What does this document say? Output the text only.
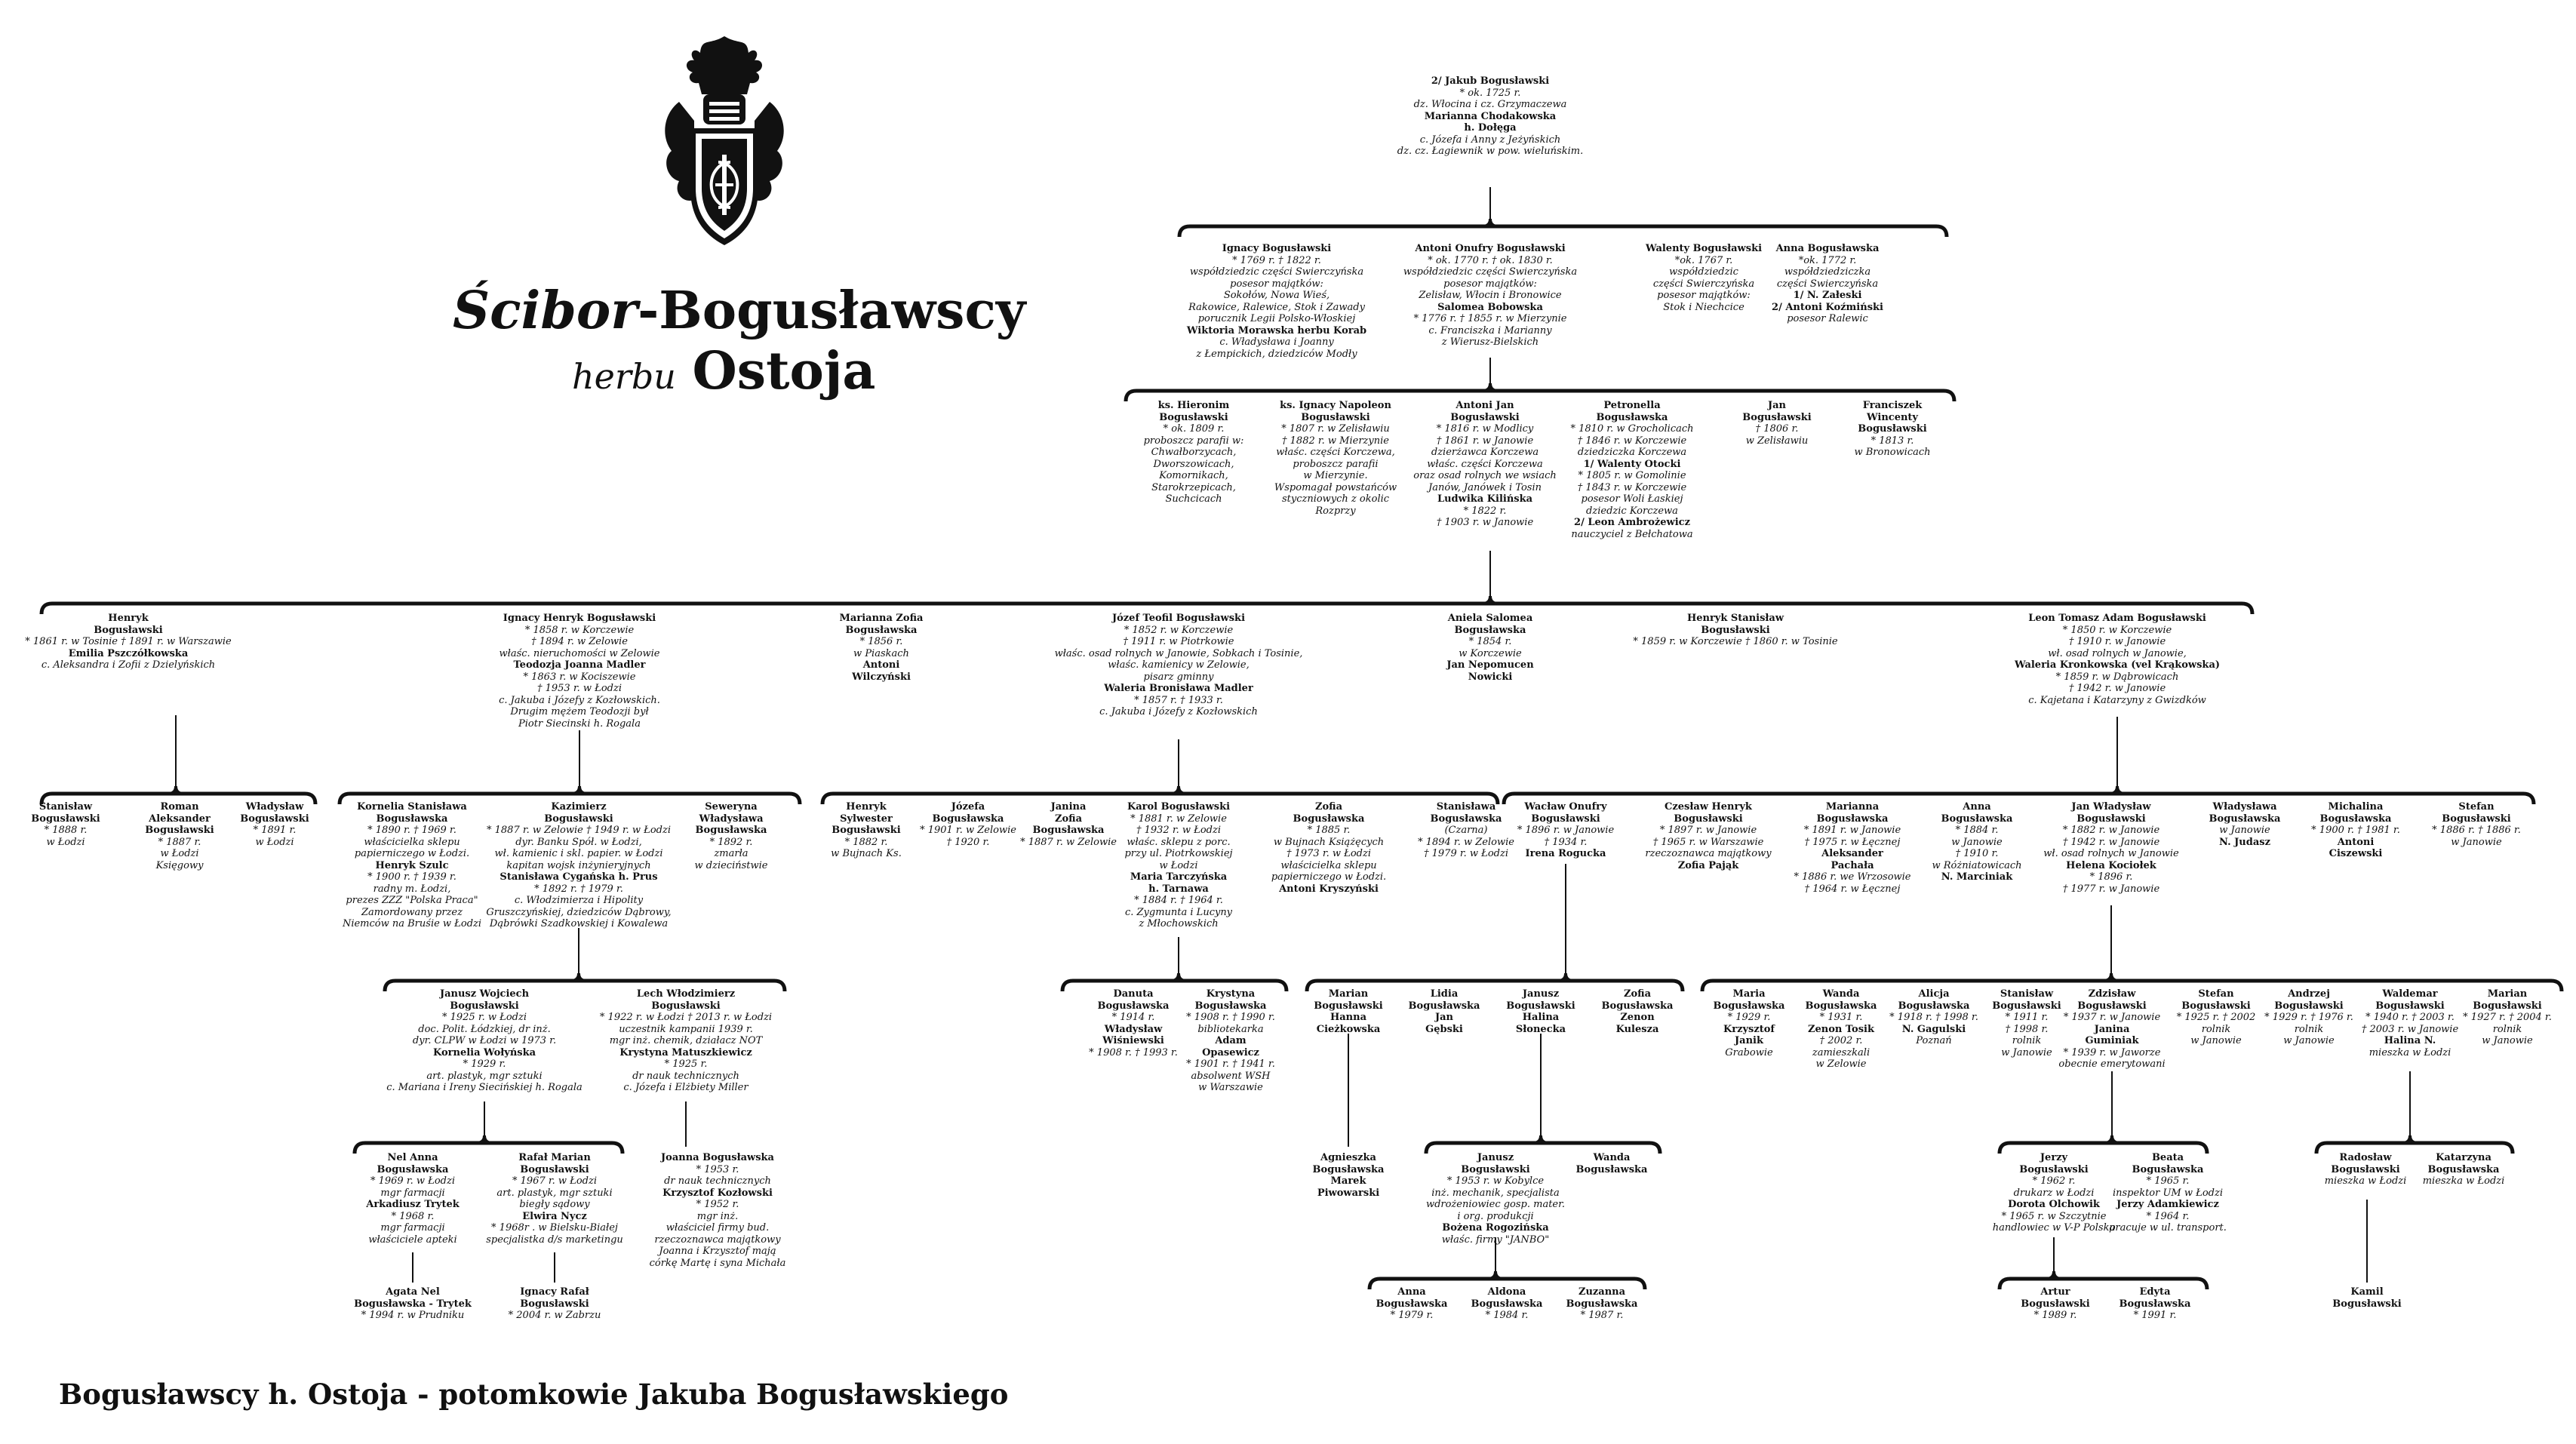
Ścibor-Bogusławscy
herbu Ostoja
2/ Jakub Bogusławski
* ok. 1725 r.
dz. Włocina i cz. Grzymaczewa
Marianna Chodakowska
h. Dołęga
c. Józefa i Anny z Jeżyńskich
dz. cz. Łagiewnik w pow. wieluńskim.
Ignacy Bogusławski
* 1769 r. † 1822 r.
współdziedzic części Swierczyńska
posesor majątków:
Sokołów, Nowa Wieś,
Rakowice, Ralewice, Stok i Zawady
porucznik Legii Polsko-Włoskiej
Wiktoria Morawska herbu Korab
c. Władysława i Joanny
z Łempickich, dziedziców Modły
Antoni Onufry Bogusławski
* ok. 1770 r. † ok. 1830 r.
współdziedzic części Swierczyńska
posesor majątków:
Zelisław, Włocin i Bronowice
Salomea Bobowska
* 1776 r. † 1855 r. w Mierzynie
c. Franciszka i Marianny
z Wierusz-Bielskich
Walenty Bogusławski
*ok. 1767 r.
współdziedzic
części Swierczyńska
posesor majątków:
Stok i Niechcice
Anna Bogusławska
*ok. 1772 r.
współdziedziczka
części Swierczyńska
1/ N. Załeski
2/ Antoni Koźmiński
posesor Ralewic
ks. Hieronim
Bogusławski
* ok. 1809 r.
proboszcz parafii w:
Chwałborzycach,
Dworszowicach,
Komornikach,
Starokrzepicach,
Suchcicach
ks. Ignacy Napoleon
Bogusławski
* 1807 r. w Zelisławiu
† 1882 r. w Mierzynie
właśc. części Korczewa,
proboszcz parafii
w Mierzynie.
Wspomagał powstańców
styczniowych z okolic
Rozprzy
Antoni Jan
Bogusławski
* 1816 r. w Modlicy
† 1861 r. w Janowie
dzierżawca Korczewa
właśc. części Korczewa
oraz osad rolnych we wsiach
Janów, Janówek i Tosin
Ludwika Kilińska
* 1822 r.
† 1903 r. w Janowie
Petronella
Bogusławska
* 1810 r. w Grocholicach
† 1846 r. w Korczewie
dziedziczka Korczewa
1/ Walenty Otocki
* 1805 r. w Gomolinie
† 1843 r. w Korczewie
posesor Woli Łaskiej
dziedzic Korczewa
2/ Leon Ambrożewicz
nauczyciel z Bełchatowa
Jan
Bogusławski
† 1806 r.
w Zelisławiu
Franciszek
Wincenty
Bogusławski
* 1813 r.
w Bronowicach
Henryk
Bogusławski
* 1861 r. w Tosinie † 1891 r. w Warszawie
Emilia Pszczółkowska
c. Aleksandra i Zofii z Dzielyńskich
Ignacy Henryk Bogusławski
* 1858 r. w Korczewie
† 1894 r. w Zelowie
właśc. nieruchomości w Zelowie
Teodozja Joanna Madler
* 1863 r. w Kociszewie
† 1953 r. w Łodzi
c. Jakuba i Józefy z Kozłowskich.
Drugim mężem Teodozji był
Piotr Siecinski h. Rogala
Marianna Zofia
Bogusławska
* 1856 r.
w Piaskach
Antoni
Wilczyński
Józef Teofil Bogusławski
* 1852 r. w Korczewie
† 1911 r. w Piotrkowie
właśc. osad rolnych w Janowie, Sobkach i Tosinie,
właśc. kamienicy w Zelowie,
pisarz gminny
Waleria Bronisława Madler
* 1857 r. † 1933 r.
c. Jakuba i Józefy z Kozłowskich
Aniela Salomea
Bogusławska
* 1854 r.
w Korczewie
Jan Nepomucen
Nowicki
Henryk Stanisław
Bogusławski
* 1859 r. w Korczewie † 1860 r. w Tosinie
Leon Tomasz Adam Bogusławski
* 1850 r. w Korczewie
† 1910 r. w Janowie
wł. osad rolnych w Janowie,
Waleria Kronkowska (vel Krąkowska)
* 1859 r. w Dąbrowicach
† 1942 r. w Janowie
c. Kajetana i Katarzyny z Gwizdków
Stanisław
Bogusławski
* 1888 r.
w Łodzi
Roman
Aleksander
Bogusławski
* 1887 r.
w Łodzi
Księgowy
Władysław
Bogusławski
* 1891 r.
w Łodzi
Kornelia Stanisława
Bogusławska
* 1890 r. † 1969 r.
właścicielka sklepu
papierniczego w Łodzi.
Henryk Szulc
* 1900 r. † 1939 r.
radny m. Łodzi,
prezes ZZZ "Polska Praca"
Zamordowany przez
Niemców na Bruśie w Łodzi
Kazimierz
Bogusławski
* 1887 r. w Zelowie † 1949 r. w Łodzi
dyr. Banku Spół. w Łodzi,
wł. kamienic i skl. papier. w Łodzi
kapitan wojsk inżynieryjnych
Stanisława Cygańska h. Prus
* 1892 r. † 1979 r.
c. Włodzimierza i Hipolity
Gruszczyńskiej, dziedziców Dąbrowy,
Dąbrówki Szadkowskiej i Kowalewa
Seweryna
Władysława
Bogusławska
* 1892 r.
zmarła
w dzieciństwie
Henryk
Sylwester
Bogusławski
* 1882 r.
w Bujnach Ks.
Józefa
Bogusławska
* 1901 r. w Zelowie
† 1920 r.
Janina
Zofia
Bogusławska
* 1887 r. w Zelowie
Karol Bogusławski
* 1881 r. w Zelowie
† 1932 r. w Łodzi
właśc. sklepu z porc.
przy ul. Piotrkowskiej
w Łodzi
Maria Tarczyńska
h. Tarnawa
* 1884 r. † 1964 r.
c. Zygmunta i Lucyny
z Młochowskich
Zofia
Bogusławska
* 1885 r.
w Bujnach Książęcych
† 1973 r. w Łodzi
właścicielka sklepu
papierniczego w Łodzi.
Antoni Kryszyński
Stanisława
Bogusławska
(Czarna)
* 1894 r. w Zelowie
† 1979 r. w Łodzi
Wacław Onufry
Bogusławski
* 1896 r. w Janowie
† 1934 r.
Irena Rogucka
Czesław Henryk
Bogusławski
* 1897 r. w Janowie
† 1965 r. w Warszawie
rzeczoznawca majątkowy
Zofia Pająk
Marianna
Bogusławska
* 1891 r. w Janowie
† 1975 r. w Łęcznej
Aleksander
Pachała
* 1886 r. we Wrzosowie
† 1964 r. w Łęcznej
Anna
Bogusławska
* 1884 r.
w Janowie
† 1910 r.
w Różniatowicach
N. Marciniak
Jan Władysław
Bogusławski
* 1882 r. w Janowie
† 1942 r. w Janowie
wł. osad rolnych w Janowie
Helena Kociołek
* 1896 r.
† 1977 r. w Janowie
Władysława
Bogusławska
w Janowie
N. Judasz
Michalina
Bogusławska
* 1900 r. † 1981 r.
Antoni
Ciszewski
Stefan
Bogusławski
* 1886 r. † 1886 r.
w Janowie
Janusz Wojciech
Bogusławski
* 1925 r. w Łodzi
doc. Polit. Łódzkiej, dr inż.
dyr. CLPW w Łodzi w 1973 r.
Kornelia Wołyńska
* 1929 r.
art. plastyk, mgr sztuki
c. Mariana i Ireny Siecińskiej h. Rogala
Lech Włodzimierz
Bogusławski
* 1922 r. w Łodzi † 2013 r. w Łodzi
uczestnik kampanii 1939 r.
mgr inż. chemik, działacz NOT
Krystyna Matuszkiewicz
* 1925 r.
dr nauk technicznych
c. Józefa i Elżbiety Miller
Danuta
Bogusławska
* 1914 r.
Władysław
Wiśniewski
* 1908 r. † 1993 r.
Krystyna
Bogusławska
* 1908 r. † 1990 r.
bibliotekarka
Adam
Opasewicz
* 1901 r. † 1941 r.
absolwent WSH
w Warszawie
Marian
Bogusławski
Hanna
Cieżkowska
Lidia
Bogusławska
Jan
Gębski
Janusz
Bogusławski
Halina
Słonecka
Zofia
Bogusławska
Zenon
Kulesza
Maria
Bogusławska
* 1929 r.
Krzysztof
Janik
Grabowie
Wanda
Bogusławska
* 1931 r.
Zenon Tosik
† 2002 r.
zamieszkali
w Zelowie
Alicja
Bogusławska
* 1918 r. † 1998 r.
N. Gagulski
Poznań
Stanisław
Bogusławski
* 1911 r.
† 1998 r.
rolnik
w Janowie
Zdzisław
Bogusławski
* 1937 r. w Janowie
Janina
Guminiak
* 1939 r. w Jaworze
obecnie emerytowani
Stefan
Bogusławski
* 1925 r. † 2002
rolnik
w Janowie
Andrzej
Bogusławski
* 1929 r. † 1976 r.
rolnik
w Janowie
Waldemar
Bogusławski
* 1940 r. † 2003 r.
† 2003 r. w Janowie
Halina N.
mieszka w Łodzi
Marian
Bogusławski
* 1927 r. † 2004 r.
rolnik
w Janowie
Nel Anna
Bogusławska
* 1969 r. w Łodzi
mgr farmacji
Arkadiusz Trytek
* 1968 r.
mgr farmacji
właściciele apteki
Rafał Marian
Bogusławski
* 1967 r. w Łodzi
art. plastyk, mgr sztuki
biegły sądowy
Elwira Nycz
* 1968r . w Bielsku-Białej
specjalistka d/s marketingu
Joanna Bogusławska
* 1953 r.
dr nauk technicznych
Krzysztof Kozłowski
* 1952 r.
mgr inż.
właściciel firmy bud.
rzeczoznawca majątkowy
Joanna i Krzysztof mają
córkę Martę i syna Michała
Agnieszka
Bogusławska
Marek
Piwowarski
Janusz
Bogusławski
* 1953 r. w Kobylce
inż. mechanik, specjalista
wdrożeniowiec gosp. mater.
i org. produkcji
Bożena Rogozińska
właśc. firmy "JANBO"
Wanda
Bogusławska
Jerzy
Bogusławski
* 1962 r.
drukarz w Łodzi
Dorota Olchowik
* 1965 r. w Szczytnie
handlowiec w V-P Polska
Beata
Bogusławska
* 1965 r.
inspektor UM w Łodzi
Jerzy Adamkiewicz
* 1964 r.
pracuje w ul. transport.
Radosław
Bogusławski
mieszka w Łodzi
Katarzyna
Bogusławska
mieszka w Łodzi
Agata Nel
Bogusławska - Trytek
* 1994 r. w Prudniku
Ignacy Rafał
Bogusławski
* 2004 r. w Zabrzu
Anna
Bogusławska
* 1979 r.
Aldona
Bogusławska
* 1984 r.
Zuzanna
Bogusławska
* 1987 r.
Artur
Bogusławski
* 1989 r.
Edyta
Bogusławska
* 1991 r.
Kamil
Bogusławski
Bogusławscy h. Ostoja - potomkowie Jakuba Bogusławskiego
